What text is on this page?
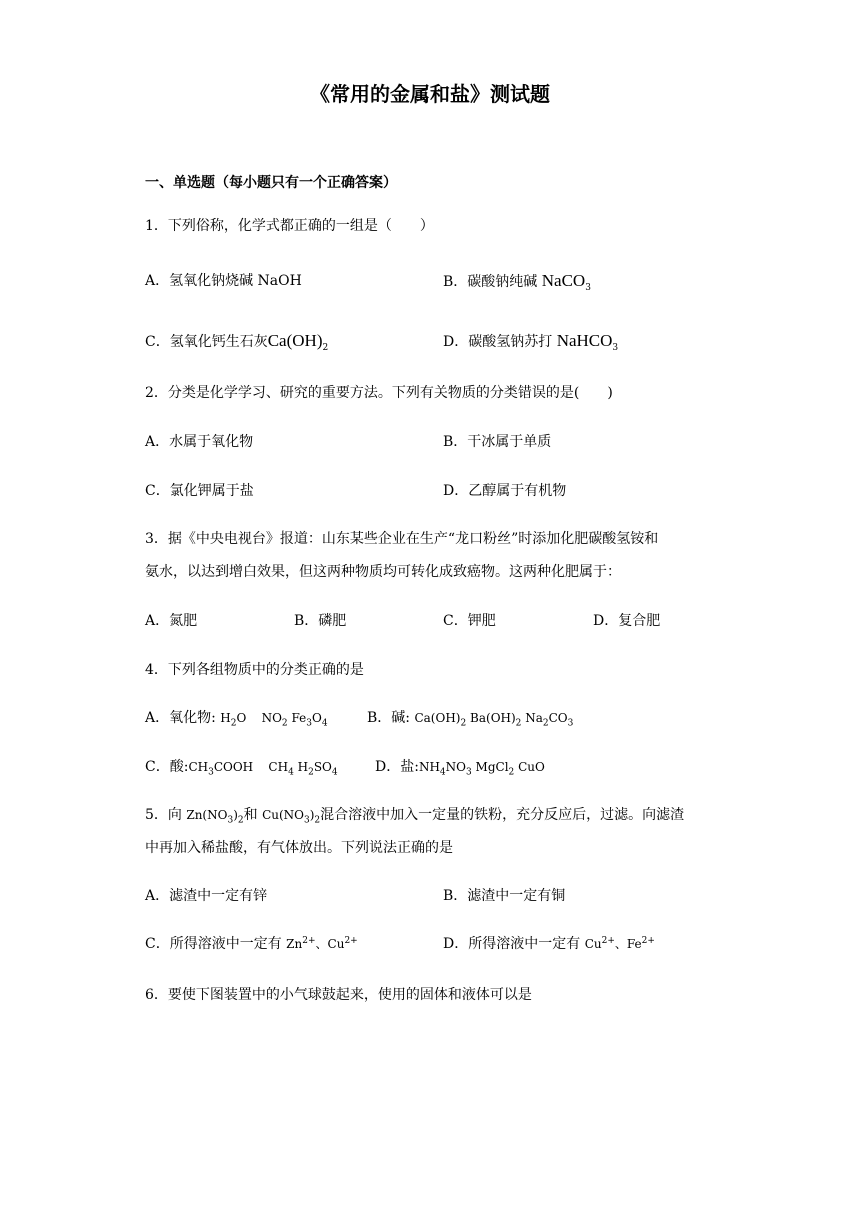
《常用的金属和盐》测试题
一、单选题（每小题只有一个正确答案）
1．下列俗称，化学式都正确的一组是（　　）
A．氢氧化钠烧碱 NaOH	B．碳酸钠纯碱 NaCO$_3$
C．氢氧化钙生石灰$Ca(OH)_2$	D．碳酸氢钠苏打 NaHCO$_3$
2．分类是化学学习、研究的重要方法。下列有关物质的分类错误的是(　　)
A．水属于氧化物	B．干冰属于单质
C．氯化钾属于盐	D．乙醇属于有机物
3．据《中央电视台》报道：山东某些企业在生产“龙口粉丝”时添加化肥碳酸氢铵和
氨水，以达到增白效果，但这两种物质均可转化成致癌物。这两种化肥属于：
A．氮肥	B．磷肥	C．钾肥	D．复合肥
4．下列各组物质中的分类正确的是
A．氧化物: $H_2O$    $NO_2$ $Fe_3O_4$	B．碱: $Ca(OH)_2$ $Ba(OH)_2$ $Na_2CO_3$
C．酸$:CH_3COOH$    $CH_4$ $H_2SO_4$	D．盐$:NH_4NO_3$ MgCl$_2$ CuO
5．向 $Zn(NO_3)_2$和 $Cu(NO_3)_2$混合溶液中加入一定量的铁粉，充分反应后，过滤。向滤渣
中再加入稀盐酸，有气体放出。下列说法正确的是
A．滤渣中一定有锌	B．滤渣中一定有铜
C．所得溶液中一定有 $Zn^{2+}$、$Cu^{2+}$	D．所得溶液中一定有 $Cu^{2+}$、$Fe^{2+}$
6．要使下图装置中的小气球鼓起来，使用的固体和液体可以是
